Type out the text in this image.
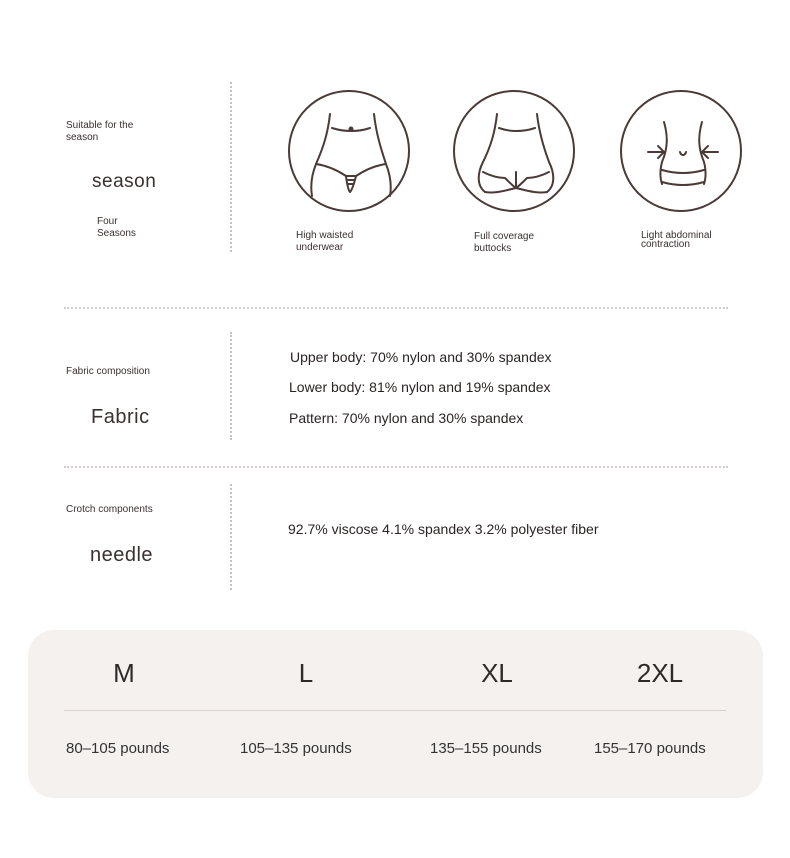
Suitable for the season
season
Four Seasons	High waisted underwear
Full coverage buttocks
Light abdominal contraction
Fabric composition
Fabric
Upper body: 70% nylon and 30% spandex
Lower body: 81% nylon and 19% spandex
Pattern: 70% nylon and 30% spandex
Crotch components
needle
92.7% viscose 4.1% spandex 3.2% polyester fiber
M	L	XL	2XL
80–105 pounds	105–135 pounds	135–155 pounds	155–170 pounds
